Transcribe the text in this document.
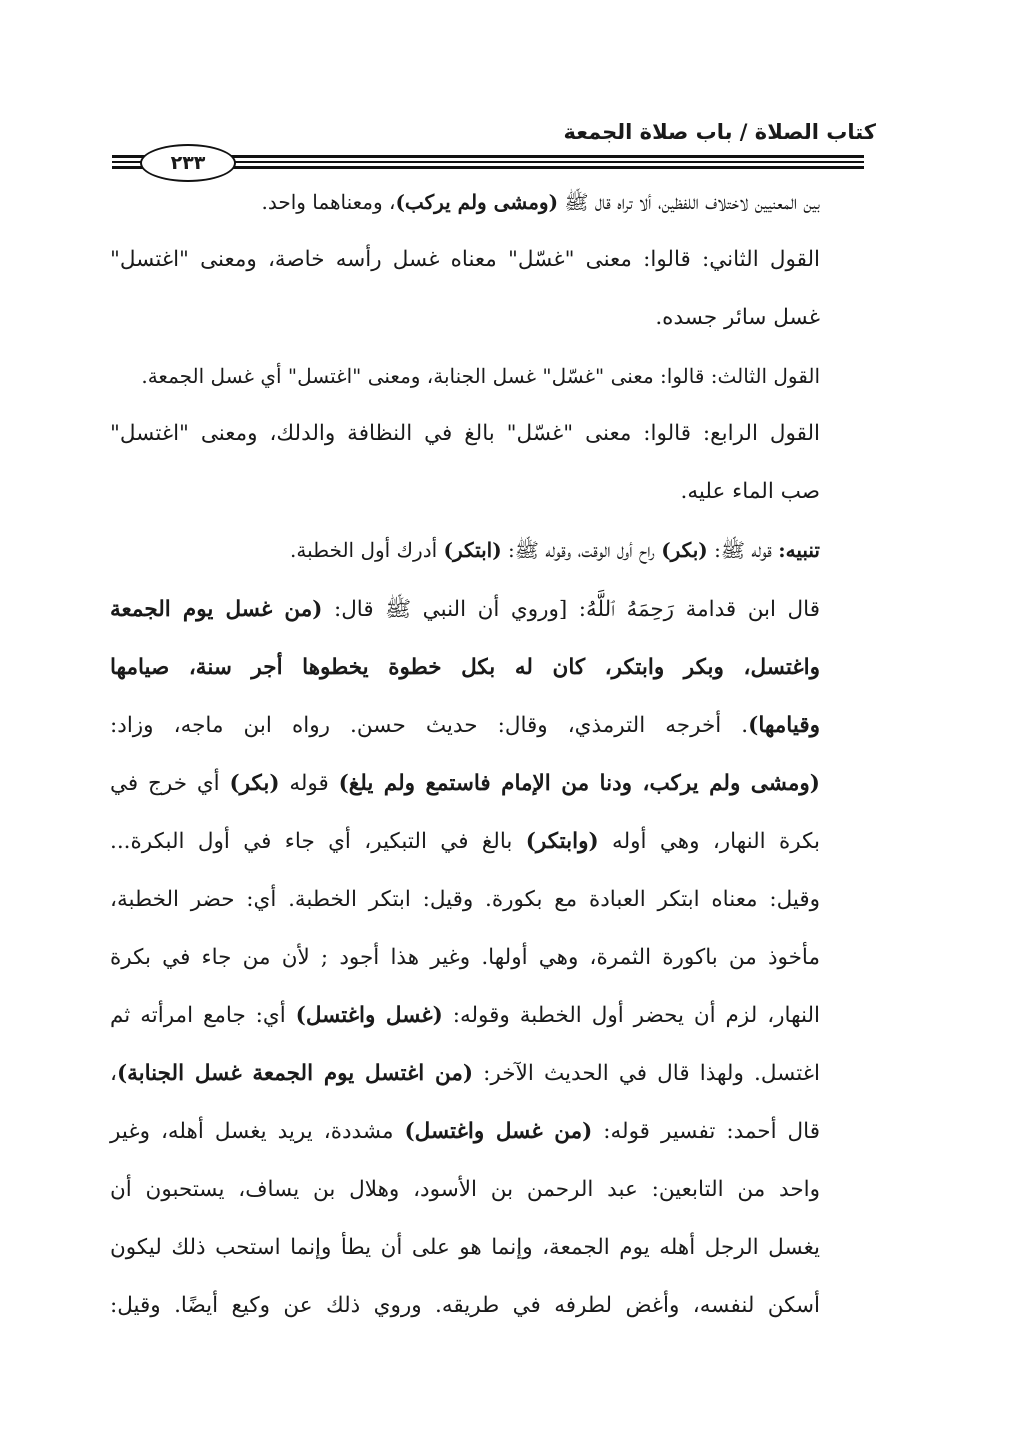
كتاب الصلاة / باب صلاة الجمعة
٢٣٣
بين المعنيين لاختلاف اللفظين، ألا تراه قال ﷺ (ومشى ولم يركب)، ومعناهما واحد.
القول الثاني: قالوا: معنى "غسّل" معناه غسل رأسه خاصة، ومعنى "اغتسل"
غسل سائر جسده.
القول الثالث: قالوا: معنى "غسّل" غسل الجنابة، ومعنى "اغتسل" أي غسل الجمعة.
القول الرابع: قالوا: معنى "غسّل" بالغ في النظافة والدلك، ومعنى "اغتسل"
صب الماء عليه.
تنبيه: قوله ﷺ: (بكر) راح أول الوقت، وقوله ﷺ: (ابتكر) أدرك أول الخطبة.
قال ابن قدامة رَحِمَهُ ٱللَّهُ: [وروي أن النبي ﷺ قال: (من غسل يوم الجمعة
واغتسل، وبكر وابتكر، كان له بكل خطوة يخطوها أجر سنة، صيامها
وقيامها). أخرجه الترمذي، وقال: حديث حسن. رواه ابن ماجه، وزاد:
(ومشى ولم يركب، ودنا من الإمام فاستمع ولم يلغ) قوله (بكر) أي خرج في
بكرة النهار، وهي أوله (وابتكر) بالغ في التبكير، أي جاء في أول البكرة...
وقيل: معناه ابتكر العبادة مع بكورة. وقيل: ابتكر الخطبة. أي: حضر الخطبة،
مأخوذ من باكورة الثمرة، وهي أولها. وغير هذا أجود ; لأن من جاء في بكرة
النهار، لزم أن يحضر أول الخطبة وقوله: (غسل واغتسل) أي: جامع امرأته ثم
اغتسل. ولهذا قال في الحديث الآخر: (من اغتسل يوم الجمعة غسل الجنابة)،
قال أحمد: تفسير قوله: (من غسل واغتسل) مشددة، يريد يغسل أهله، وغير
واحد من التابعين: عبد الرحمن بن الأسود، وهلال بن يساف، يستحبون أن
يغسل الرجل أهله يوم الجمعة، وإنما هو على أن يطأ وإنما استحب ذلك ليكون
أسكن لنفسه، وأغض لطرفه في طريقه. وروي ذلك عن وكيع أيضًا. وقيل:
